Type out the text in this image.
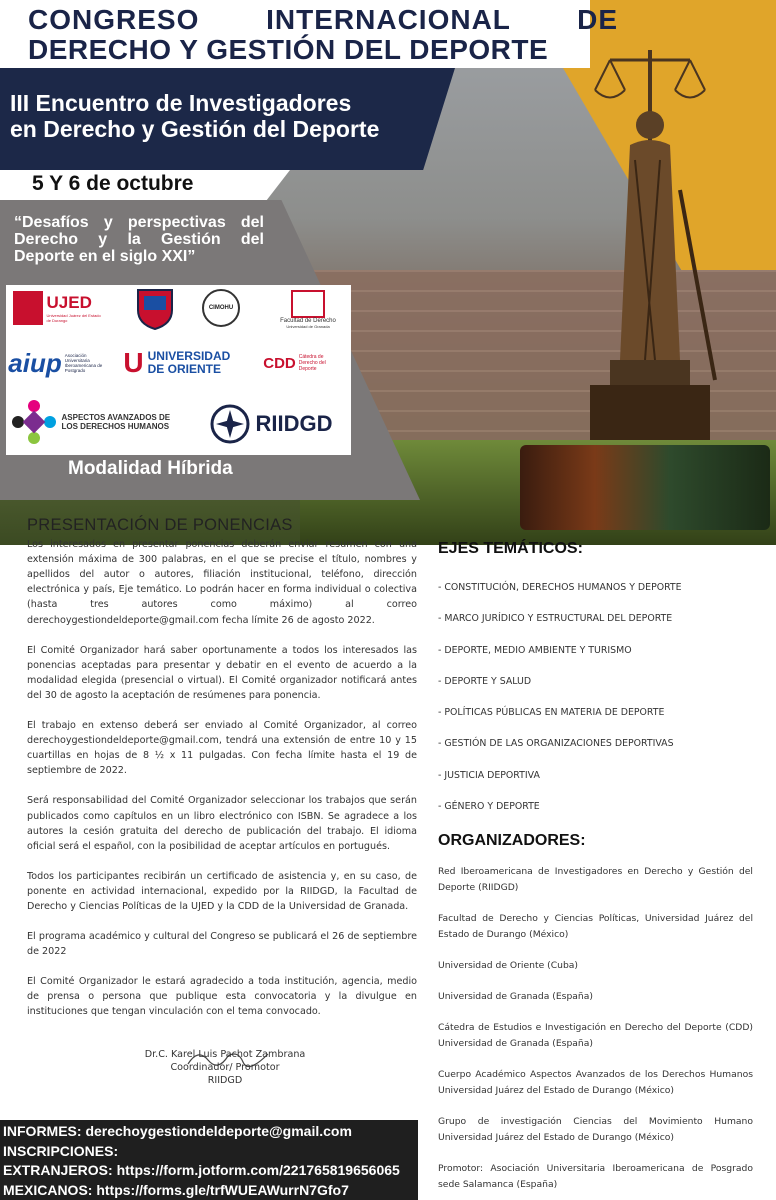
CONGRESO INTERNACIONAL DE
DERECHO Y GESTIÓN DEL DEPORTE
III Encuentro de Investigadores
en Derecho y Gestión del Deporte
5 Y 6 de octubre
“Desafíos y perspectivas del Derecho y la Gestión del Deporte en el siglo XXI”
UJED
Universidad Juárez del Estado de Durango
CIMOHU
Facultad de Derecho
Universidad de Granada
aiup Asociación Universitaria Iberoamericana de Postgrado	U UNIVERSIDAD DE ORIENTE	CDD Cátedra de Derecho del Deporte
ASPECTOS AVANZADOS DE LOS DERECHOS HUMANOS	RIIDGD
Modalidad Híbrida
PRESENTACIÓN DE PONENCIAS

Los interesados en presentar ponencias deberán enviar resumen con una extensión máxima de 300 palabras, en el que se precise el título, nombres y apellidos del autor o autores, filiación institucional, teléfono, dirección electrónica y país, Eje temático. Lo podrán hacer en forma individual o colectiva (hasta tres autores como máximo) al correo derechoygestiondeldeporte@gmail.com fecha límite 26 de agosto 2022.

El Comité Organizador hará saber oportunamente a todos los interesados las ponencias aceptadas para presentar y debatir en el evento de acuerdo a la modalidad elegida (presencial o virtual). El Comité organizador notificará antes del 30 de agosto la aceptación de resúmenes para ponencia.

El trabajo en extenso deberá ser enviado al Comité Organizador, al correo derechoygestiondeldeporte@gmail.com, tendrá una extensión de entre 10 y 15 cuartillas en hojas de 8 ½ x 11 pulgadas. Con fecha límite hasta el 19 de septiembre de 2022.

Será responsabilidad del Comité Organizador seleccionar los trabajos que serán publicados como capítulos en un libro electrónico con ISBN. Se agradece a los autores la cesión gratuita del derecho de publicación del trabajo. El idioma oficial será el español, con la posibilidad de aceptar artículos en portugués.

Todos los participantes recibirán un certificado de asistencia y, en su caso, de ponente en actividad internacional, expedido por la RIIDGD, la Facultad de Derecho y Ciencias Políticas de la UJED y la CDD de la Universidad de Granada.

El programa académico y cultural del Congreso se publicará el 26 de septiembre de 2022

El Comité Organizador le estará agradecido a toda institución, agencia, medio de prensa o persona que publique esta convocatoria y la divulgue en instituciones que tengan vinculación con el tema convocado.

Dr.C. Karel Luis Pachot Zambrana
Coordinador/ Promotor
RIIDGD
EJES TEMÁTICOS:
- CONSTITUCIÓN, DERECHOS HUMANOS Y DEPORTE
- MARCO JURÍDICO Y ESTRUCTURAL DEL DEPORTE
- DEPORTE, MEDIO AMBIENTE Y TURISMO
- DEPORTE Y SALUD
- POLÍTICAS PÚBLICAS EN MATERIA DE DEPORTE
- GESTIÓN DE LAS ORGANIZACIONES DEPORTIVAS
- JUSTICIA DEPORTIVA
- GÉNERO Y DEPORTE
ORGANIZADORES:
Red Iberoamericana de Investigadores en Derecho y Gestión del Deporte (RIIDGD)
Facultad de Derecho y Ciencias Políticas, Universidad Juárez del Estado de Durango (México)
Universidad de Oriente (Cuba)
Universidad de Granada (España)
Cátedra de Estudios e Investigación en Derecho del Deporte (CDD) Universidad de Granada (España)
Cuerpo Académico Aspectos Avanzados de los Derechos Humanos Universidad Juárez del Estado de Durango (México)
Grupo de investigación Ciencias del Movimiento Humano Universidad Juárez del Estado de Durango (México)
Promotor: Asociación Universitaria Iberoamericana de Posgrado sede Salamanca (España)
INFORMES: derechoygestiondeldeporte@gmail.com
INSCRIPCIONES:
EXTRANJEROS: https://form.jotform.com/221765819656065
MEXICANOS: https://forms.gle/trfWUEAWurrN7Gfo7
